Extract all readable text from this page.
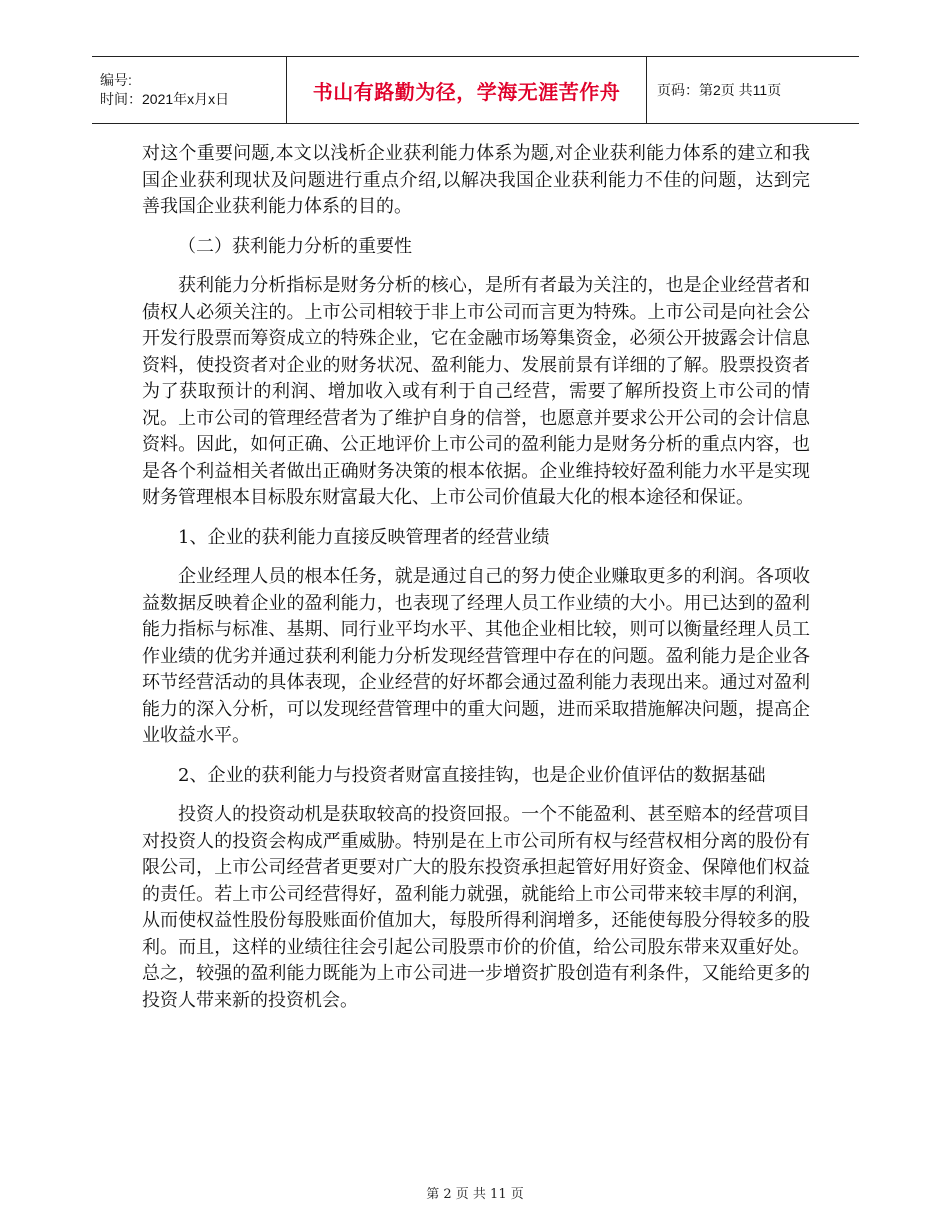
编号:
时间：2021年x月x日	书山有路勤为径，学海无涯苦作舟	页码：第2页 共11页

对这个重要问题,本文以浅析企业获利能力体系为题,对企业获利能力体系的建立和我国企业获利现状及问题进行重点介绍,以解决我国企业获利能力不佳的问题，达到完善我国企业获利能力体系的目的。

（二）获利能力分析的重要性

获利能力分析指标是财务分析的核心，是所有者最为关注的，也是企业经营者和债权人必须关注的。上市公司相较于非上市公司而言更为特殊。上市公司是向社会公开发行股票而筹资成立的特殊企业，它在金融市场筹集资金，必须公开披露会计信息资料，使投资者对企业的财务状况、盈利能力、发展前景有详细的了解。股票投资者为了获取预计的利润、增加收入或有利于自己经营，需要了解所投资上市公司的情况。上市公司的管理经营者为了维护自身的信誉，也愿意并要求公开公司的会计信息资料。因此，如何正确、公正地评价上市公司的盈利能力是财务分析的重点内容，也是各个利益相关者做出正确财务决策的根本依据。企业维持较好盈利能力水平是实现财务管理根本目标股东财富最大化、上市公司价值最大化的根本途径和保证。

1、企业的获利能力直接反映管理者的经营业绩

企业经理人员的根本任务，就是通过自己的努力使企业赚取更多的利润。各项收益数据反映着企业的盈利能力，也表现了经理人员工作业绩的大小。用已达到的盈利能力指标与标准、基期、同行业平均水平、其他企业相比较，则可以衡量经理人员工作业绩的优劣并通过获利利能力分析发现经营管理中存在的问题。盈利能力是企业各环节经营活动的具体表现，企业经营的好坏都会通过盈利能力表现出来。通过对盈利能力的深入分析，可以发现经营管理中的重大问题，进而采取措施解决问题，提高企业收益水平。

2、企业的获利能力与投资者财富直接挂钩，也是企业价值评估的数据基础

投资人的投资动机是获取较高的投资回报。一个不能盈利、甚至赔本的经营项目对投资人的投资会构成严重威胁。特别是在上市公司所有权与经营权相分离的股份有限公司，上市公司经营者更要对广大的股东投资承担起管好用好资金、保障他们权益的责任。若上市公司经营得好，盈利能力就强，就能给上市公司带来较丰厚的利润，从而使权益性股份每股账面价值加大，每股所得利润增多，还能使每股分得较多的股利。而且，这样的业绩往往会引起公司股票市价的价值，给公司股东带来双重好处。总之，较强的盈利能力既能为上市公司进一步增资扩股创造有利条件，又能给更多的投资人带来新的投资机会。

第 2 页 共 11 页
